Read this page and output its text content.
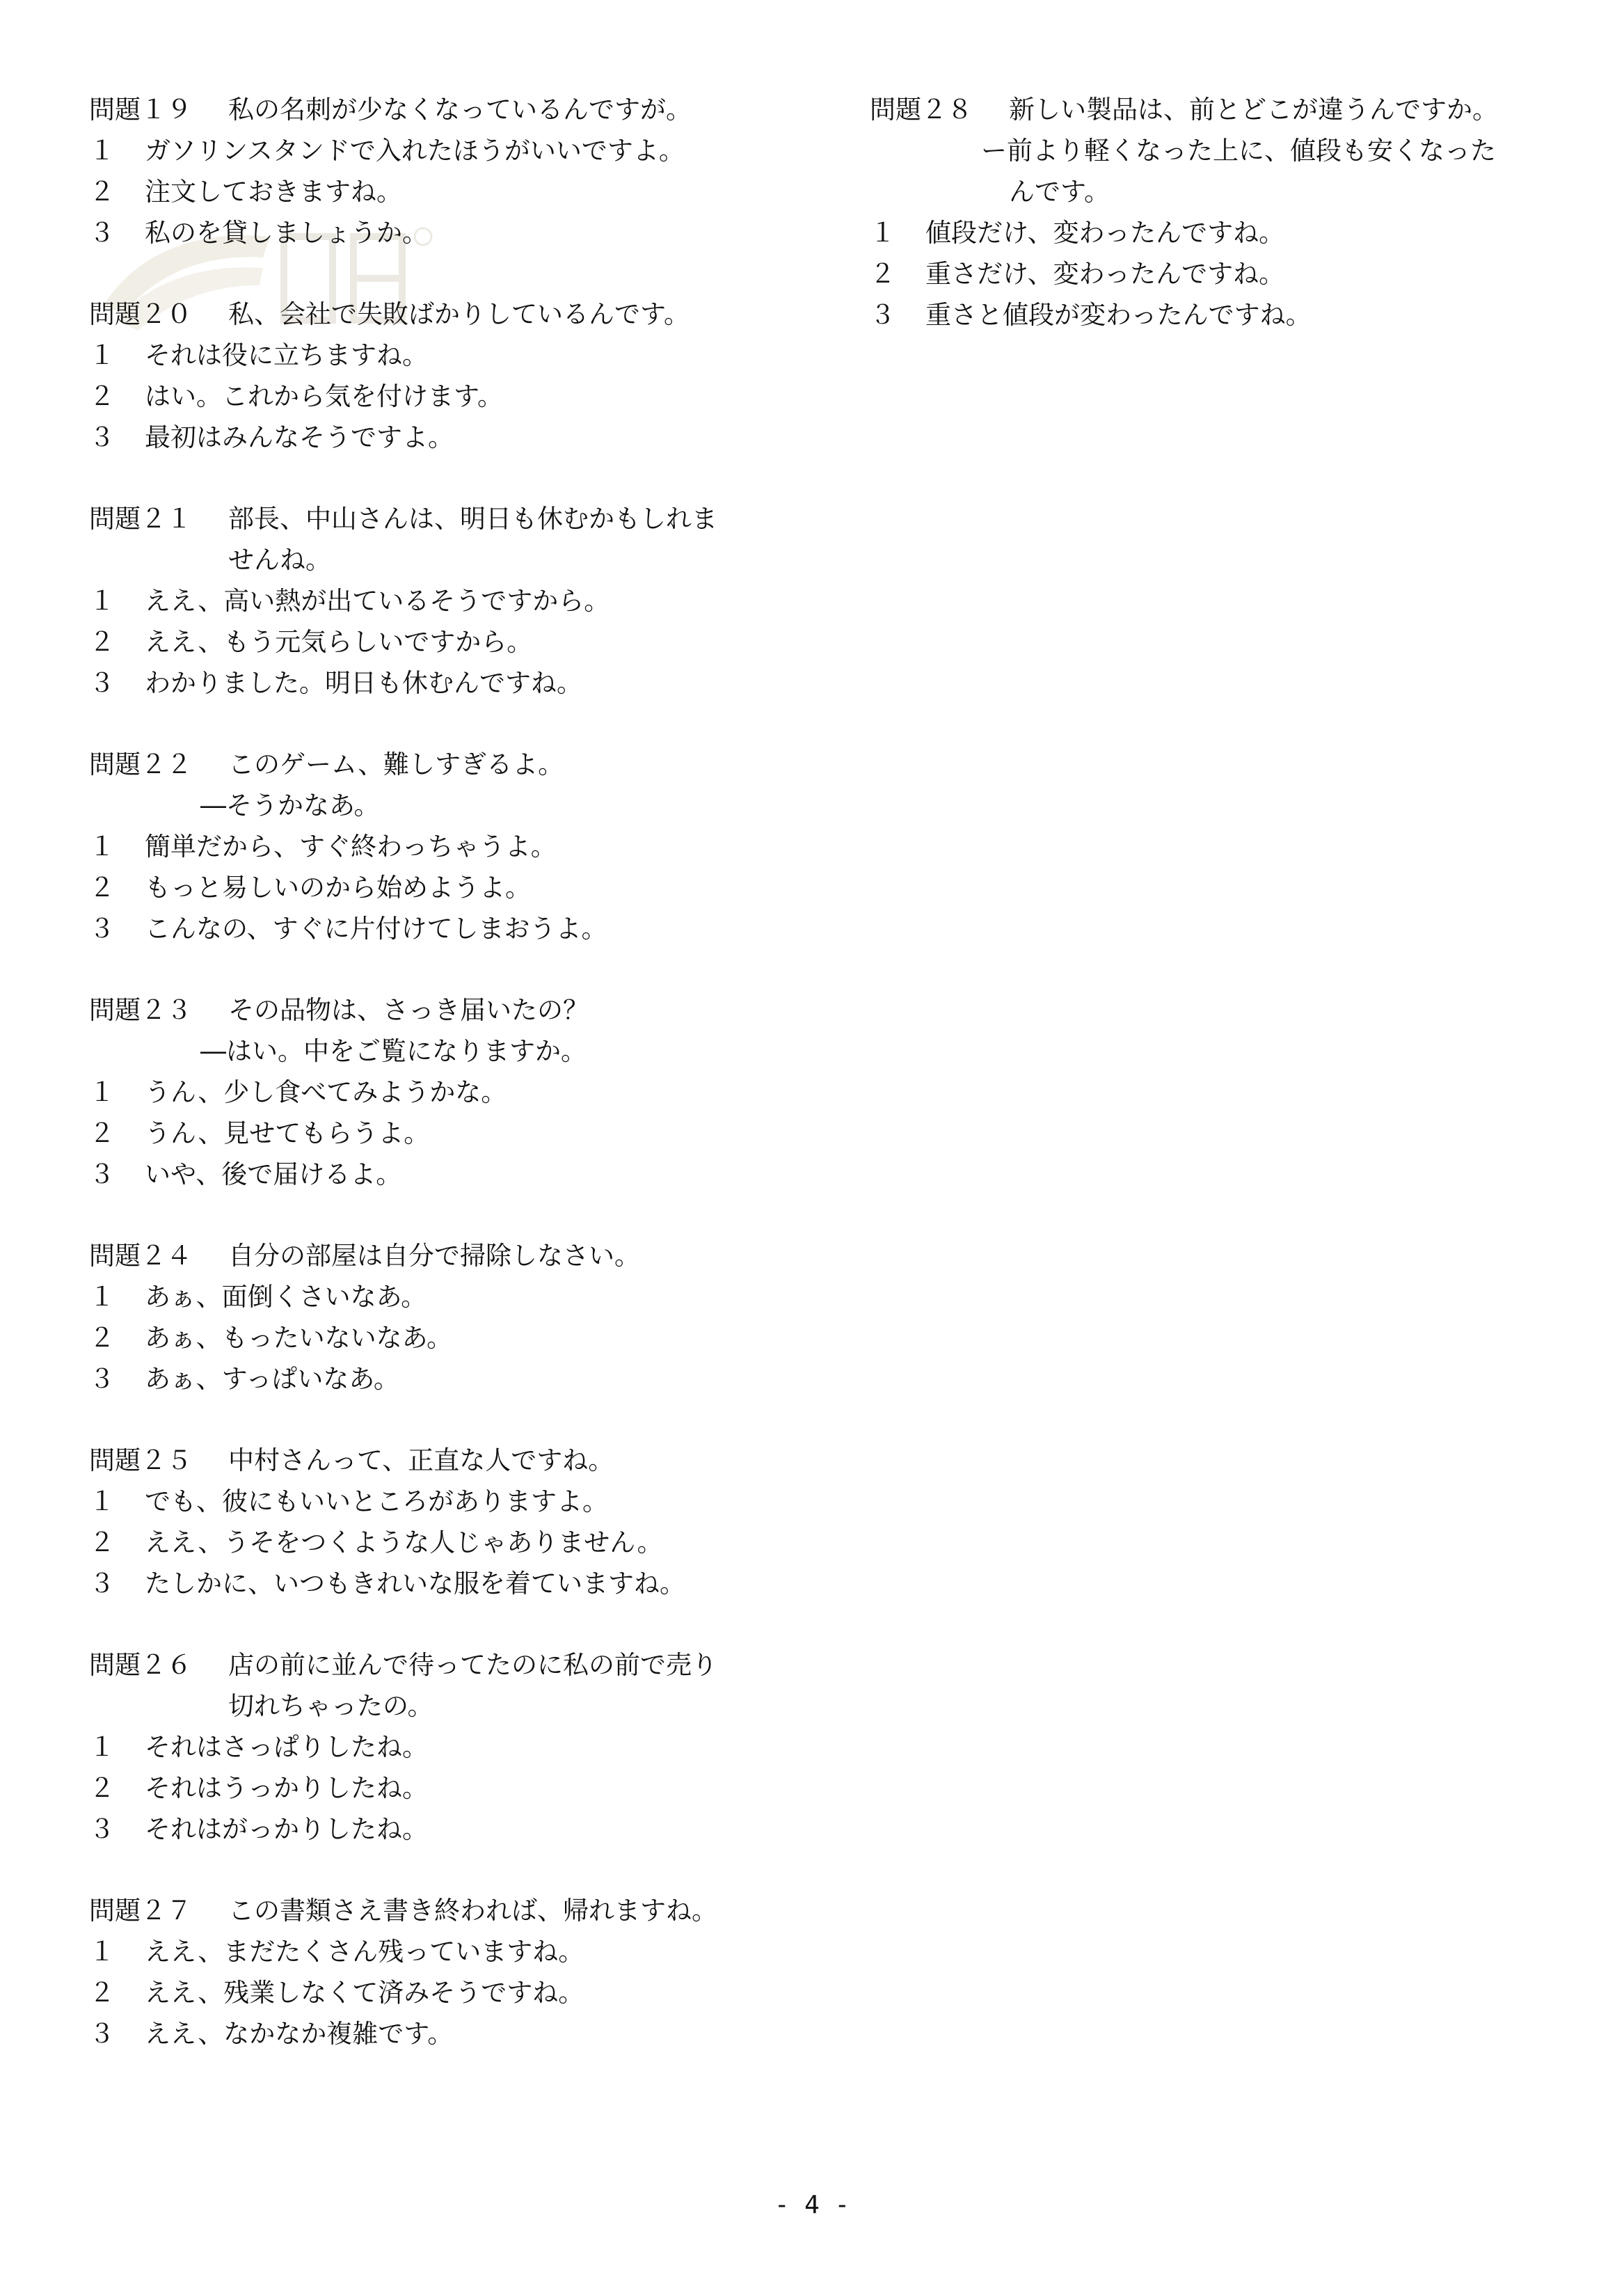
問題１９	私の名刺が少なくなっているんですが。
１	ガソリンスタンドで入れたほうがいいですよ。
２	注文しておきますね。
３	私のを貸しましょうか。
問題２０	私、会社で失敗ばかりしているんです。
１	それは役に立ちますね。
２	はい。これから気を付けます。
３	最初はみんなそうですよ。
問題２１	部長、中山さんは、明日も休むかもしれま
せんね。
１	ええ、高い熱が出ているそうですから。
２	ええ、もう元気らしいですから。
３	わかりました。明日も休むんですね。
問題２２	このゲーム、難しすぎるよ。
―そうかなあ。
１	簡単だから、すぐ終わっちゃうよ。
２	もっと易しいのから始めようよ。
３	こんなの、すぐに片付けてしまおうよ。
問題２３	その品物は、さっき届いたの？
―はい。中をご覧になりますか。
１	うん、少し食べてみようかな。
２	うん、見せてもらうよ。
３	いや、後で届けるよ。
問題２４	自分の部屋は自分で掃除しなさい。
１	あぁ、面倒くさいなあ。
２	あぁ、もったいないなあ。
３	あぁ、すっぱいなあ。
問題２５	中村さんって、正直な人ですね。
１	でも、彼にもいいところがありますよ。
２	ええ、うそをつくような人じゃありません。
３	たしかに、いつもきれいな服を着ていますね。
問題２６	店の前に並んで待ってたのに私の前で売り
切れちゃったの。
１	それはさっぱりしたね。
２	それはうっかりしたね。
３	それはがっかりしたね。
問題２７	この書類さえ書き終われば、帰れますね。
１	ええ、まだたくさん残っていますね。
２	ええ、残業しなくて済みそうですね。
３	ええ、なかなか複雑です。
問題２８	新しい製品は、前とどこが違うんですか。
ー前より軽くなった上に、値段も安くなった
んです。
１	値段だけ、変わったんですね。
２	重さだけ、変わったんですね。
３	重さと値段が変わったんですね。
- 4 -
